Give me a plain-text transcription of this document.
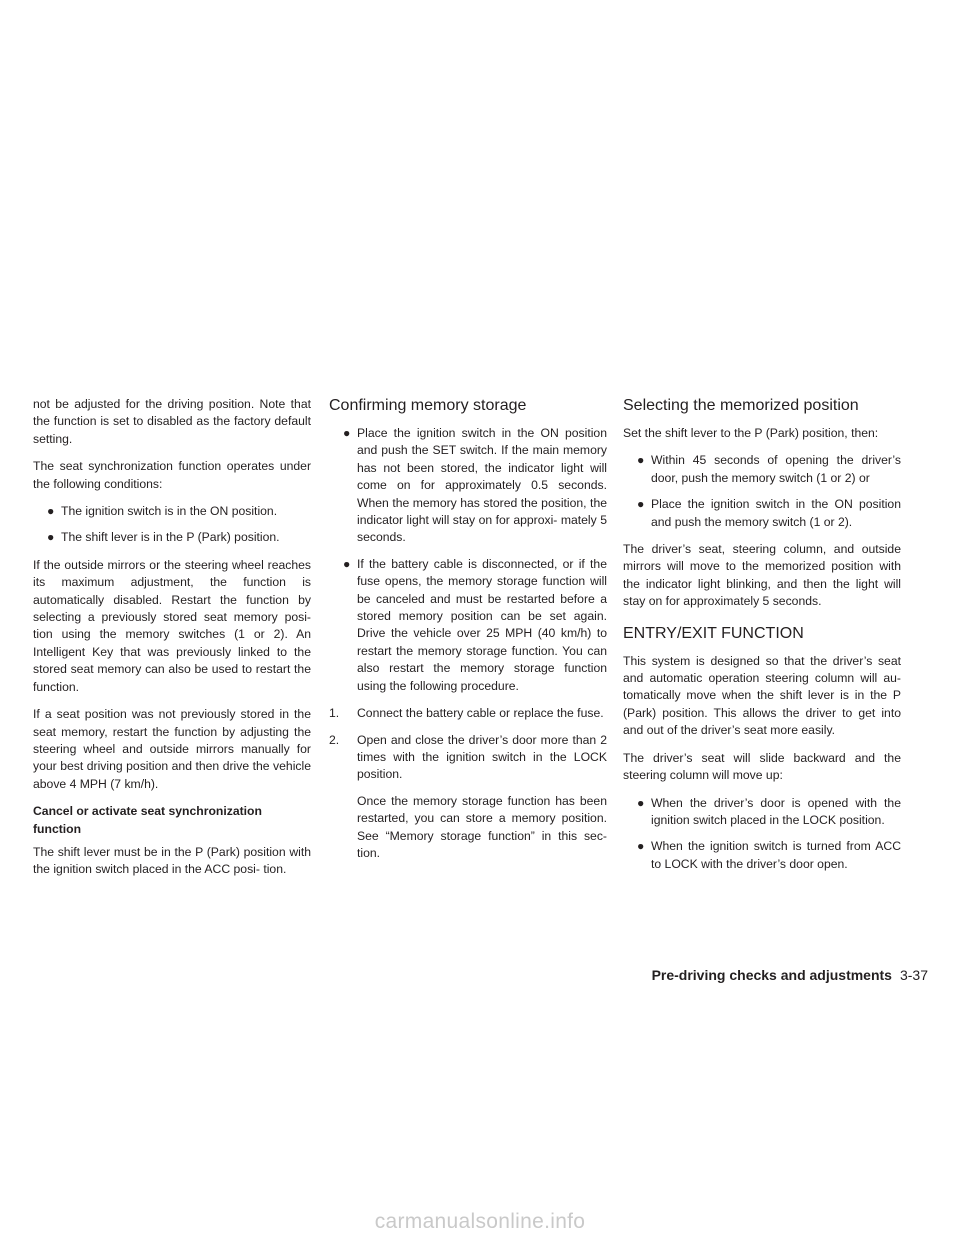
not be adjusted for the driving position. Note that the function is set to disabled as the factory default setting.

The seat synchronization function operates under the following conditions:

● The ignition switch is in the ON position.
● The shift lever is in the P (Park) position.

If the outside mirrors or the steering wheel reaches its maximum adjustment, the function is automatically disabled. Restart the function by selecting a previously stored seat memory posi- tion using the memory switches (1 or 2). An Intelligent Key that was previously linked to the stored seat memory can also be used to restart the function.

If a seat position was not previously stored in the seat memory, restart the function by adjusting the steering wheel and outside mirrors manually for your best driving position and then drive the vehicle above 4 MPH (7 km/h).

Cancel or activate seat synchronization function

The shift lever must be in the P (Park) position with the ignition switch placed in the ACC posi- tion.

Confirming memory storage
● Place the ignition switch in the ON position and push the SET switch. If the main memory has not been stored, the indicator light will come on for approximately 0.5 seconds. When the memory has stored the position, the indicator light will stay on for approxi- mately 5 seconds.
● If the battery cable is disconnected, or if the fuse opens, the memory storage function will be canceled and must be restarted before a stored memory position can be set again. Drive the vehicle over 25 MPH (40 km/h) to restart the memory storage function. You can also restart the memory storage function using the following procedure.
1. Connect the battery cable or replace the fuse.
2. Open and close the driver’s door more than 2 times with the ignition switch in the LOCK position.
Once the memory storage function has been restarted, you can store a memory position. See “Memory storage function” in this sec- tion.
Selecting the memorized position

Set the shift lever to the P (Park) position, then:

● Within 45 seconds of opening the driver’s door, push the memory switch (1 or 2) or
● Place the ignition switch in the ON position and push the memory switch (1 or 2).

The driver’s seat, steering column, and outside mirrors will move to the memorized position with the indicator light blinking, and then the light will stay on for approximately 5 seconds.

ENTRY/EXIT FUNCTION

This system is designed so that the driver’s seat and automatic operation steering column will au- tomatically move when the shift lever is in the P (Park) position. This allows the driver to get into and out of the driver’s seat more easily.

The driver’s seat will slide backward and the steering column will move up:

● When the driver’s door is opened with the ignition switch placed in the LOCK position.
● When the ignition switch is turned from ACC to LOCK with the driver’s door open.
Pre-driving checks and adjustments 3-37
carmanualsonline.info
